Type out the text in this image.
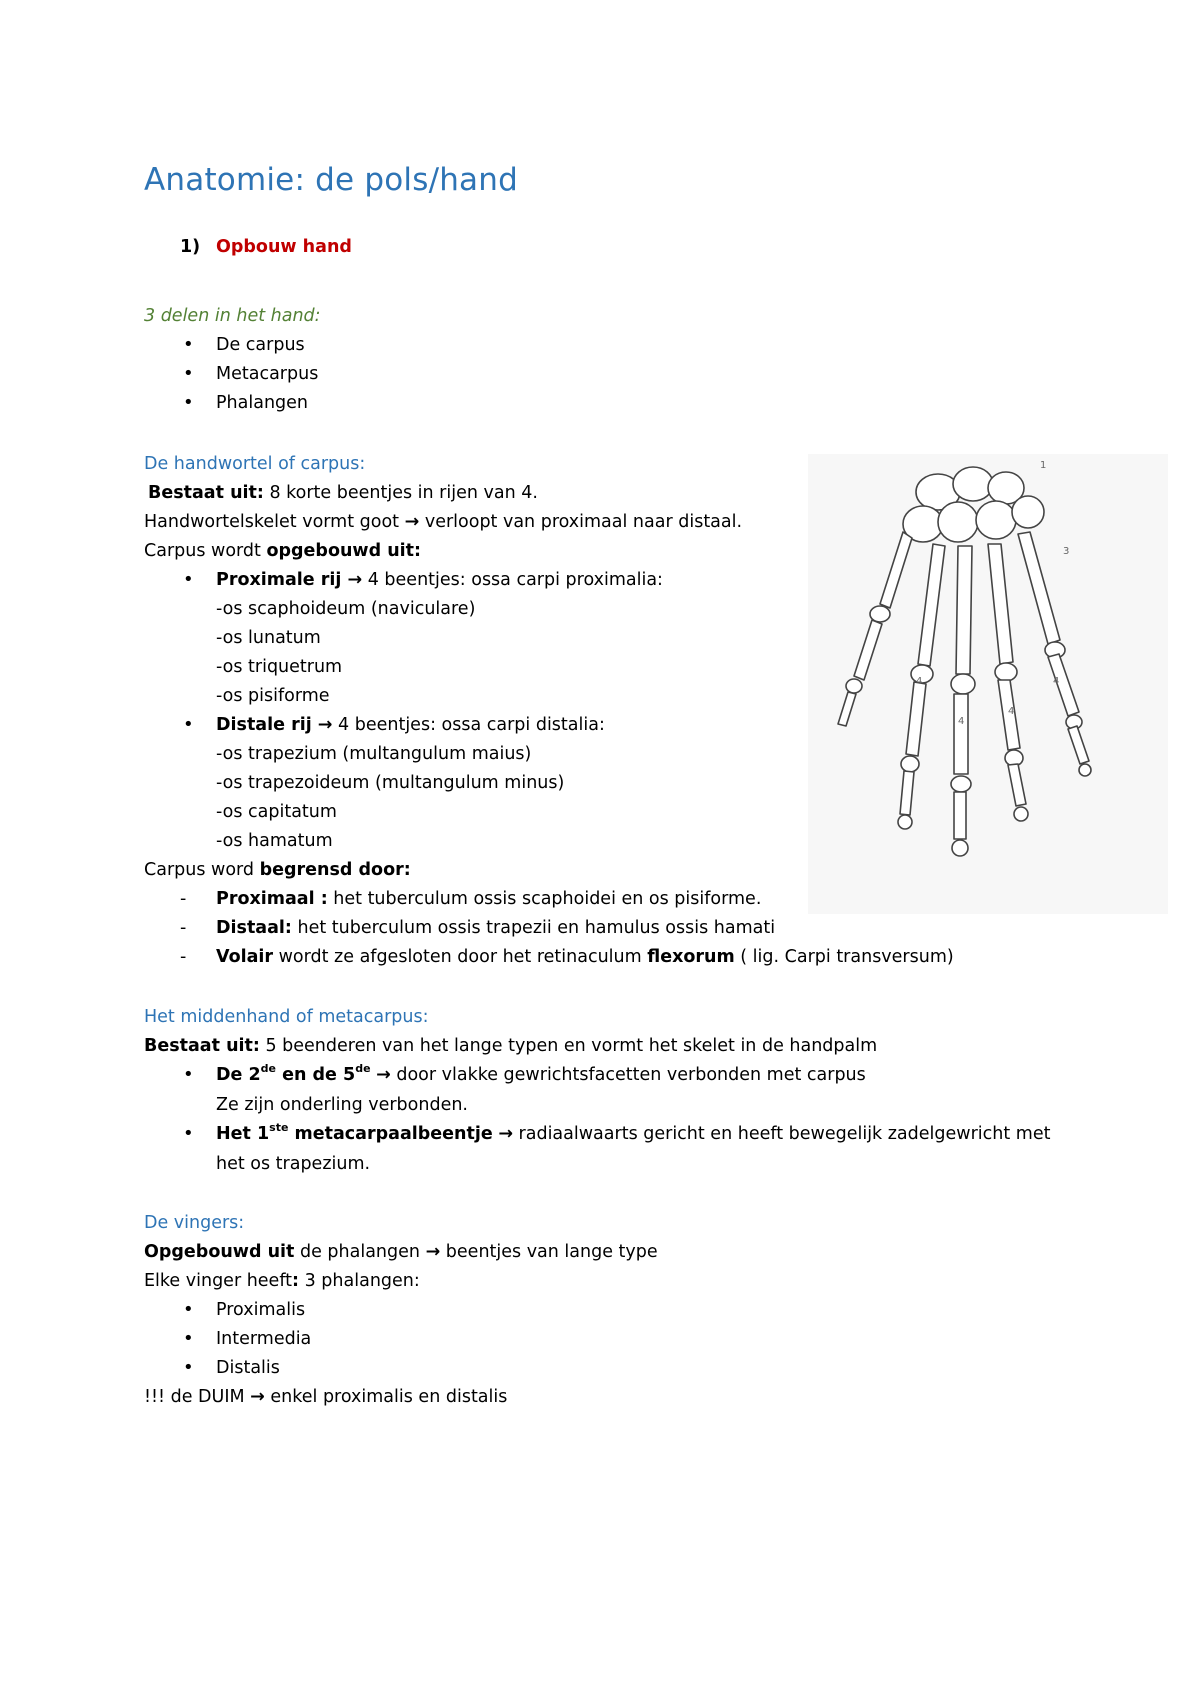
Anatomie: de pols/hand
1) Opbouw hand
3 delen in het hand:
• De carpus
• Metacarpus
• Phalangen
De handwortel of carpus:
Bestaat uit: 8 korte beentjes in rijen van 4.
Handwortelskelet vormt goot → verloopt van proximaal naar distaal.
Carpus wordt opgebouwd uit:
• Proximale rij → 4 beentjes: ossa carpi proximalia:
-os scaphoideum (naviculare)
-os lunatum
-os triquetrum
-os pisiforme
• Distale rij → 4 beentjes: ossa carpi distalia:
-os trapezium (multangulum maius)
-os trapezoideum (multangulum minus)
-os capitatum
-os hamatum
Carpus word begrensd door:
- Proximaal : het tuberculum ossis scaphoidei en os pisiforme.
- Distaal: het tuberculum ossis trapezii en hamulus ossis hamati
- Volair wordt ze afgesloten door het retinaculum flexorum ( lig. Carpi transversum)
Het middenhand of metacarpus:
Bestaat uit: 5 beenderen van het lange typen en vormt het skelet in de handpalm
• De 2de en de 5de → door vlakke gewrichtsfacetten verbonden met carpus
Ze zijn onderling verbonden.
• Het 1ste metacarpaalbeentje → radiaalwaarts gericht en heeft bewegelijk zadelgewricht met
het os trapezium.
De vingers:
Opgebouwd uit de phalangen → beentjes van lange type
Elke vinger heeft: 3 phalangen:
• Proximalis
• Intermedia
• Distalis
!!! de DUIM → enkel proximalis en distalis
1
4
4
4
4
3
